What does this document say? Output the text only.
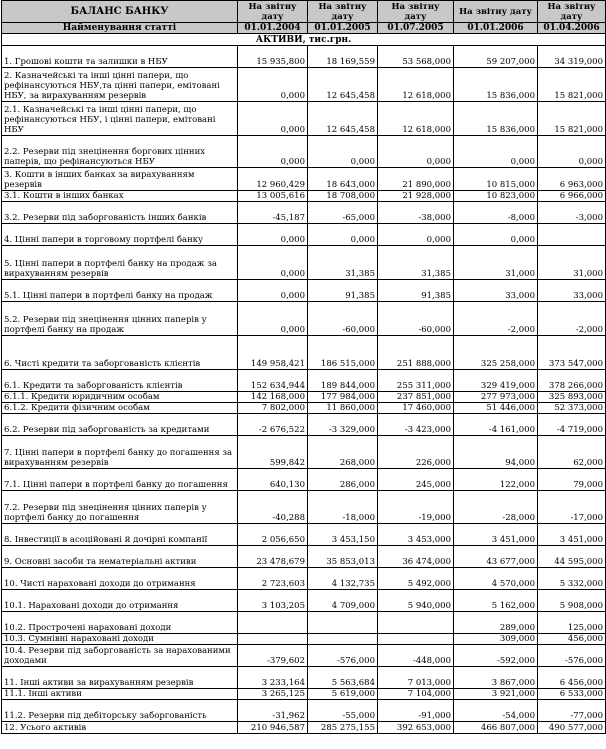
БАЛАНС БАНКУ	На звітну дату	На звітну дату	На звітну дату	На звітну дату	На звітну дату
Найменування статті	01.01.2004	01.01.2005	01.07.2005	01.01.2006	01.04.2006
АКТИВИ, тис.грн.					
1. Грошові кошти та залишки в НБУ	15 935,800	18 169,559	53 568,000	59 207,000	34 319,000
2. Казначейські та інші цінні папери, що рефінансуються НБУ,та цінні папери, емітовані НБУ, за вирахуванням резервів	0,000	12 645,458	12 618,000	15 836,000	15 821,000
2.1. Казначейські та інші цінні папери, що рефінансуються НБУ, і цінні папери, емітовані НБУ	0,000	12 645,458	12 618,000	15 836,000	15 821,000
2.2. Резерви під знецінення боргових цінних паперів, що рефінансуються НБУ	0,000	0,000	0,000	0,000	0,000
3. Кошти в інших банках за вирахуванням резервів	12 960,429	18 643,000	21 890,000	10 815,000	6 963,000
3.1. Кошти в інших банках	13 005,616	18 708,000	21 928,000	10 823,000	6 966,000
3.2. Резерви під заборгованість інших банків	-45,187	-65,000	-38,000	-8,000	-3,000
4. Цінні папери в торговому портфелі банку	0,000	0,000	0,000	0,000	
5. Цінні папери в портфелі банку на продаж за вирахуванням резервів	0,000	31,385	31,385	31,000	31,000
5.1. Цінні папери в портфелі банку на продаж	0,000	91,385	91,385	33,000	33,000
5.2. Резерви під знецінення цінних паперів у портфелі банку на продаж	0,000	-60,000	-60,000	-2,000	-2,000
6. Чисті кредити та заборгованість клієнтів	149 958,421	186 515,000	251 888,000	325 258,000	373 547,000
6.1. Кредити та заборгованість клієнтів	152 634,944	189 844,000	255 311,000	329 419,000	378 266,000
6.1.1. Кредити юридичним особам	142 168,000	177 984,000	237 851,000	277 973,000	325 893,000
6.1.2. Кредити фізичним особам	7 802,000	11 860,000	17 460,000	51 446,000	52 373,000
6.2. Резерви під заборгованість за кредитами	-2 676,522	-3 329,000	-3 423,000	-4 161,000	-4 719,000
7. Цінні папери в портфелі банку до погашення за вирахуванням резервів	599,842	268,000	226,000	94,000	62,000
7.1. Цінні папери в портфелі банку до погашення	640,130	286,000	245,000	122,000	79,000
7.2. Резерви під знецінення цінних паперів у портфелі банку до погашення	-40,288	-18,000	-19,000	-28,000	-17,000
8. Інвестиції в асоційовані й дочірні компанії	2 056,650	3 453,150	3 453,000	3 451,000	3 451,000
9. Основні засоби та нематеріальні активи	23 478,679	35 853,013	36 474,000	43 677,000	44 595,000
10. Чисті нараховані доходи до отримання	2 723,603	4 132,735	5 492,000	4 570,000	5 332,000
10.1. Нараховані доходи до отримання	3 103,205	4 709,000	5 940,000	5 162,000	5 908,000
10.2. Прострочені нараховані доходи				289,000	125,000
10.3. Сумнівні нараховані доходи				309,000	456,000
10.4. Резерви під заборгованість за нарахованими доходами	-379,602	-576,000	-448,000	-592,000	-576,000
11. Інші активи за вирахуванням резервів	3 233,164	5 563,684	7 013,000	3 867,000	6 456,000
11.1. Інші активи	3 265,125	5 619,000	7 104,000	3 921,000	6 533,000
11.2. Резерви під дебіторську заборгованість	-31,962	-55,000	-91,000	-54,000	-77,000
12. Усього активів	210 946,587	285 275,155	392 653,000	466 807,000	490 577,000
